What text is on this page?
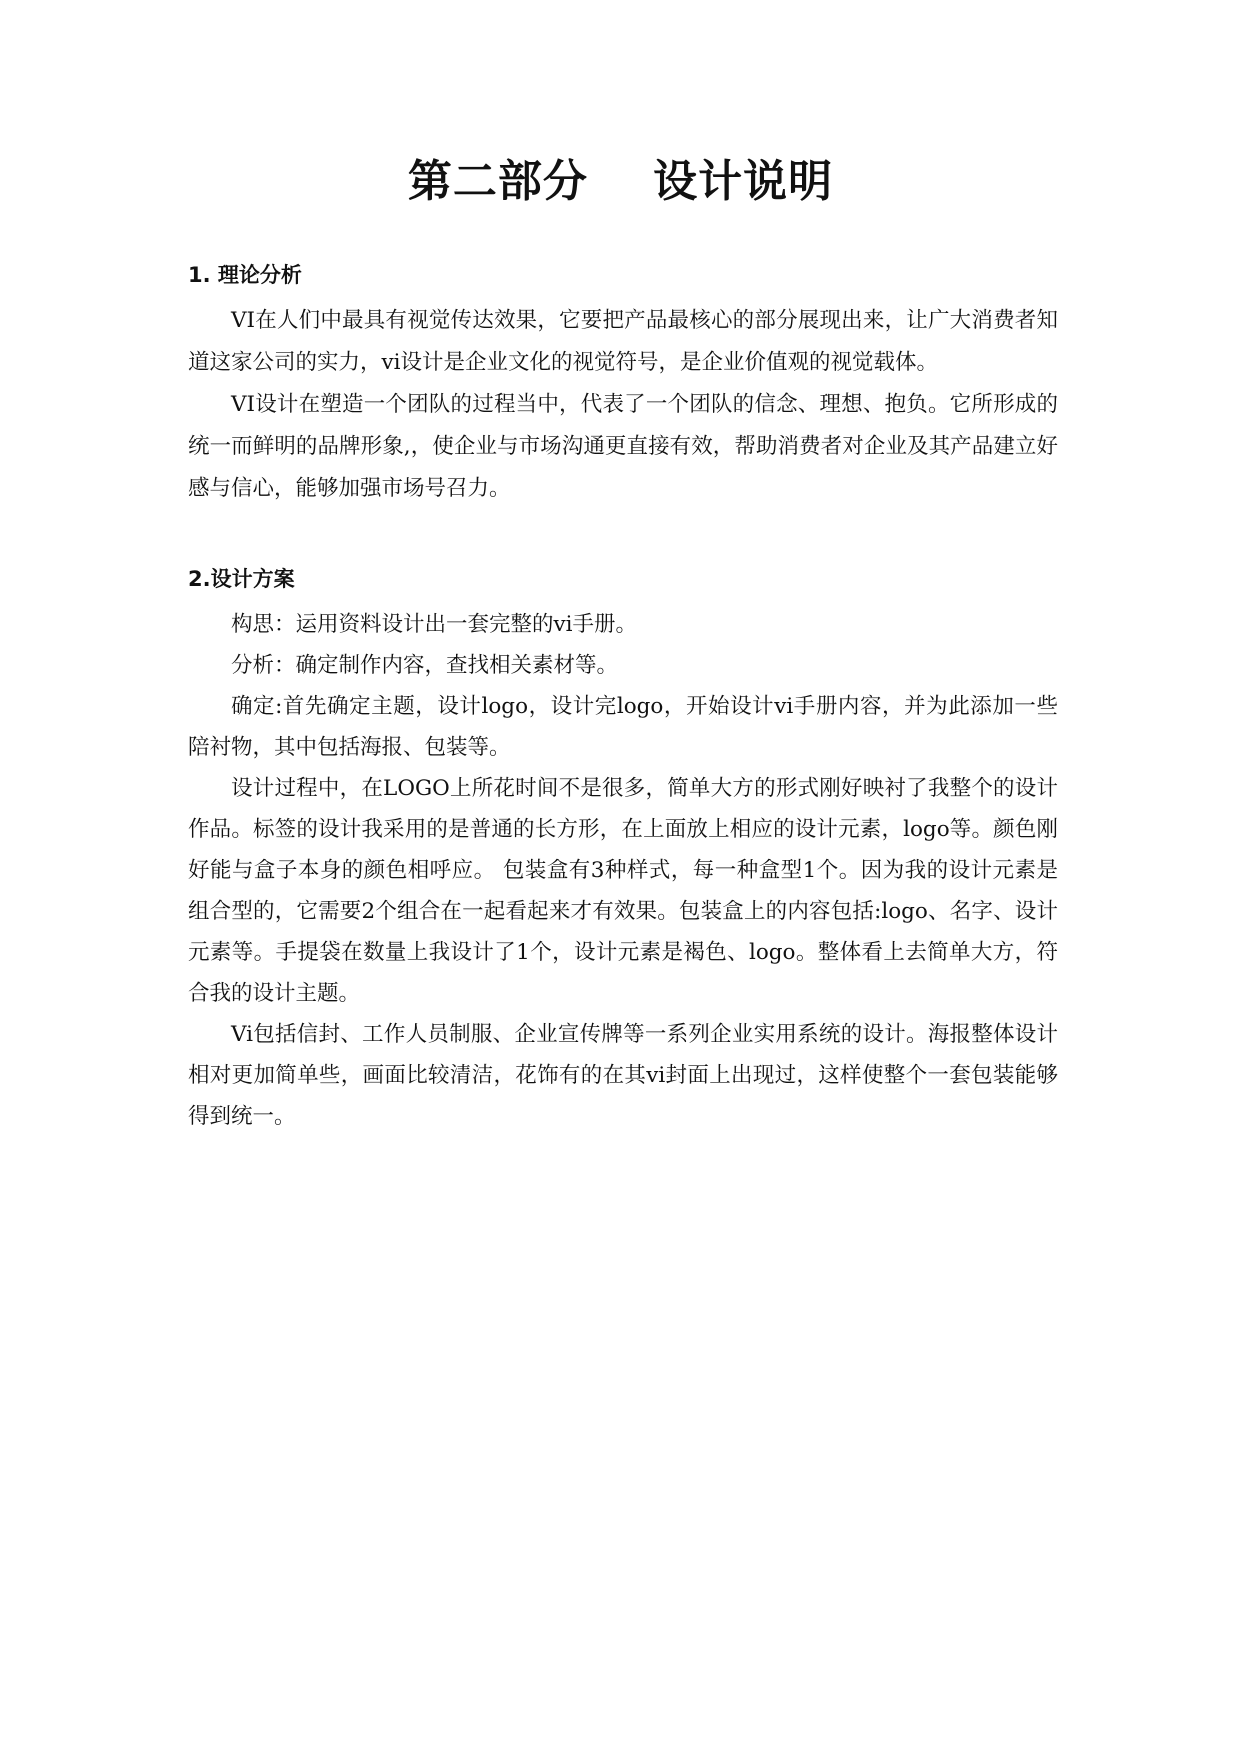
第二部分    设计说明
1. 理论分析

VI在人们中最具有视觉传达效果，它要把产品最核心的部分展现出来，让广大消费者知道这家公司的实力，vi设计是企业文化的视觉符号，是企业价值观的视觉载体。

VI设计在塑造一个团队的过程当中，代表了一个团队的信念、理想、抱负。它所形成的统一而鲜明的品牌形象,，使企业与市场沟通更直接有效，帮助消费者对企业及其产品建立好感与信心，能够加强市场号召力。

2.设计方案

构思：运用资料设计出一套完整的vi手册。

分析：确定制作内容，查找相关素材等。

确定:首先确定主题，设计logo，设计完logo，开始设计vi手册内容，并为此添加一些陪衬物，其中包括海报、包装等。

设计过程中，在LOGO上所花时间不是很多，简单大方的形式刚好映衬了我整个的设计作品。标签的设计我采用的是普通的长方形，在上面放上相应的设计元素，logo等。颜色刚好能与盒子本身的颜色相呼应。 包装盒有3种样式，每一种盒型1个。因为我的设计元素是组合型的，它需要2个组合在一起看起来才有效果。包装盒上的内容包括:logo、名字、设计元素等。手提袋在数量上我设计了1个，设计元素是褐色、logo。整体看上去简单大方，符合我的设计主题。

Vi包括信封、工作人员制服、企业宣传牌等一系列企业实用系统的设计。海报整体设计相对更加简单些，画面比较清洁，花饰有的在其vi封面上出现过，这样使整个一套包装能够得到统一。
